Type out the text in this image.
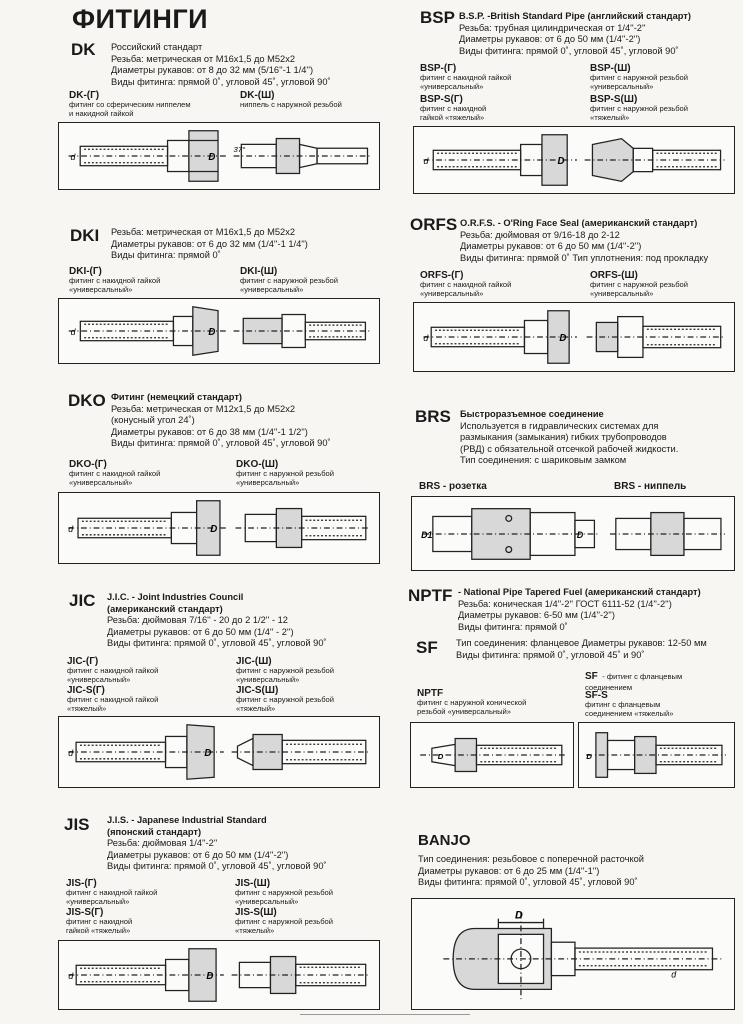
ФИТИНГИ
DK Российский стандарт
Резьба: метрическая от М16х1,5 до М52х2
Диаметры рукавов: от 8 до 32 мм (5/16''-1 1/4'')
Виды фитинга: прямой 0˚, угловой 45˚, угловой 90˚
DK-(Г)
фитинг со сферическим ниппелем
и накидной гайкой
DK-(Ш)
ниппель с наружной резьбой
d	D
37°
DKI Резьба: метрическая от М16х1,5 до М52х2
Диаметры рукавов: от 6 до 32 мм (1/4''-1 1/4'')
Виды фитинга: прямой 0˚
DKI-(Г)
фитинг с накидной гайкой
«универсальный»
DKI-(Ш)
фитинг с наружной резьбой
«универсальный»
d	D
DKO Фитинг (немецкий стандарт)
Резьба: метрическая от М12х1,5 до М52х2
(конусный угол 24˚)
Диаметры рукавов: от 6 до 38 мм (1/4''-1 1/2'')
Виды фитинга: прямой 0˚, угловой 45˚, угловой 90˚
DKO-(Г)
фитинг с накидной гайкой
«универсальный»
DKO-(Ш)
фитинг с наружной резьбой
«универсальный»
d	D
JIC J.I.C. - Joint Industries Council
(американский стандарт)
Резьба: дюймовая 7/16'' - 20 до 2 1/2'' - 12
Диаметры рукавов: от 6 до 50 мм (1/4'' - 2'')
Виды фитинга: прямой 0˚, угловой 45˚, угловой 90˚
JIC-(Г)
фитинг с накидной гайкой
«универсальный»
JIC-(Ш)
фитинг с наружной резьбой
«универсальный»
JIC-S(Г)
фитинг с накидной гайкой
«тяжелый»
JIC-S(Ш)
фитинг с наружной резьбой
«тяжелый»
d	D
JIS J.I.S. - Japanese Industrial Standard
(японский стандарт)
Резьба: дюймовая 1/4''-2''
Диаметры рукавов: от 6 до 50 мм (1/4''-2'')
Виды фитинга: прямой 0˚, угловой 45˚, угловой 90˚
JIS-(Г)
фитинг с накидной гайкой
«универсальный»
JIS-(Ш)
фитинг с наружной резьбой
«универсальный»
JIS-S(Г)
фитинг с накидной
гайкой «тяжелый»
JIS-S(Ш)
фитинг с наружной резьбой
«тяжелый»
d	D
BSP B.S.P. -British Standard Pipe (английский стандарт)
Резьба: трубная цилиндрическая от 1/4''-2''
Диаметры рукавов: от 6 до 50 мм (1/4''-2'')
Виды фитинга: прямой 0˚, угловой 45˚, угловой 90˚
BSP-(Г)
фитинг с накидной гайкой
«универсальный»
BSP-(Ш)
фитинг с наружной резьбой
«универсальный»
BSP-S(Г)
фитинг с накидной
гайкой «тяжелый»
BSP-S(Ш)
фитинг с наружной резьбой
«тяжелый»
d	D
ORFS O.R.F.S. - O'Ring Face Seal (американский стандарт)
Резьба: дюймовая от 9/16-18 до 2-12
Диаметры рукавов: от 6 до 50 мм (1/4''-2'')
Виды фитинга: прямой 0˚ Тип уплотнения: под прокладку
ORFS-(Г)
фитинг с накидной гайкой
«универсальный»
ORFS-(Ш)
фитинг с наружной резьбой
«универсальный»
d	D
BRS Быстроразъемное соединение
Используется в гидравлических системах для
размыкания (замыкания) гибких трубопроводов
(РВД) с обязательной отсечкой рабочей жидкости.
Тип соединения: с шариковым замком
BRS - розетка	BRS - ниппель
D1	D
NPTF - National Pipe Tapered Fuel (американский стандарт)
Резьба: коническая 1/4''-2'' ГОСТ 6111-52 (1/4''-2'')
Диаметры рукавов: 6-50 мм (1/4''-2'')
Виды фитинга: прямой 0˚
SF Тип соединения: фланцевое Диаметры рукавов: 12-50 мм
Виды фитинга: прямой 0˚, угловой 45˚ и 90˚
NPTF
фитинг с наружной конической
резьбой «универсальный»
SF - фитинг с фланцевым
соединением
SF-S
фитинг с фланцевым
соединением «тяжелый»
D	D
BANJO
Тип соединения: резьбовое с поперечной расточкой
Диаметры рукавов: от 6 до 25 мм (1/4''-1'')
Виды фитинга: прямой 0˚, угловой 45˚, угловой 90˚
D
d
